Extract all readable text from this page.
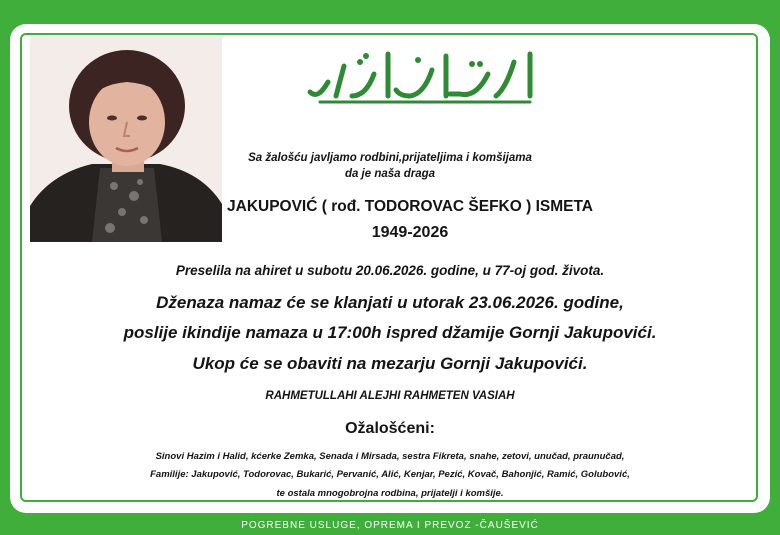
Sa žalošću javljamo rodbini,prijateljima i komšijama
da je naša draga
JAKUPOVIĆ ( rođ. TODOROVAC ŠEFKO ) ISMETA
1949-2026
Preselila na ahiret u subotu 20.06.2026. godine, u 77-oj god. života.
Dženaza namaz će se klanjati u utorak 23.06.2026. godine,
poslije ikindije namaza u 17:00h ispred džamije Gornji Jakupovići.
Ukop će se obaviti na mezarju Gornji Jakupovići.
RAHMETULLAHI ALEJHI RAHMETEN VASIAH
Ožalošćeni:
Sinovi Hazim i Halid, kćerke Zemka, Senada i Mirsada, sestra Fikreta, snahe, zetovi, unučad, praunučad,
Familije: Jakupović, Todorovac, Bukarić, Pervanić, Alić, Kenjar, Pezić, Kovač, Bahonjić, Ramić, Golubović,
te ostala mnogobrojna rodbina, prijatelji i komšije.
POGREBNE USLUGE, OPREMA I PREVOZ -ČAUŠEVIĆ
